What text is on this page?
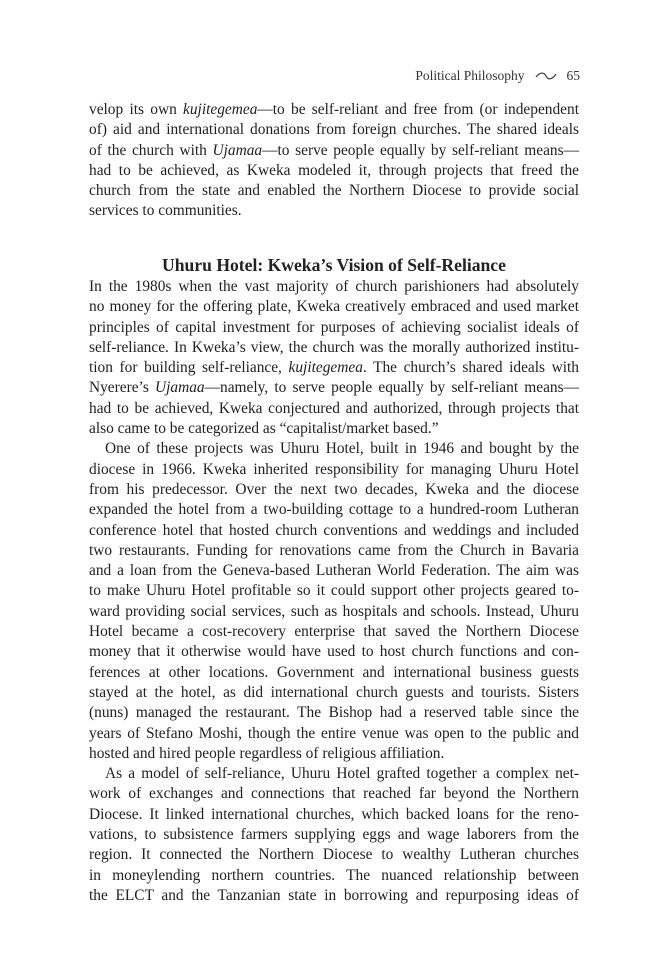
Political Philosophy	65
velop its own kujitegemea—to be self-reliant and free from (or independent
of) aid and international donations from foreign churches. The shared ideals
of the church with Ujamaa—to serve people equally by self-reliant means—
had to be achieved, as Kweka modeled it, through projects that freed the
church from the state and enabled the Northern Diocese to provide social
services to communities.
Uhuru Hotel: Kweka’s Vision of Self-Reliance
In the 1980s when the vast majority of church parishioners had absolutely
no money for the offering plate, Kweka creatively embraced and used market
principles of capital investment for purposes of achieving socialist ideals of
self-reliance. In Kweka’s view, the church was the morally authorized institu-
tion for building self-reliance, kujitegemea. The church’s shared ideals with
Nyerere’s Ujamaa—namely, to serve people equally by self-reliant means—
had to be achieved, Kweka conjectured and authorized, through projects that
also came to be categorized as “capitalist/market based.”
One of these projects was Uhuru Hotel, built in 1946 and bought by the
diocese in 1966. Kweka inherited responsibility for managing Uhuru Hotel
from his predecessor. Over the next two decades, Kweka and the diocese
expanded the hotel from a two-building cottage to a hundred-room Lutheran
conference hotel that hosted church conventions and weddings and included
two restaurants. Funding for renovations came from the Church in Bavaria
and a loan from the Geneva-based Lutheran World Federation. The aim was
to make Uhuru Hotel profitable so it could support other projects geared to-
ward providing social services, such as hospitals and schools. Instead, Uhuru
Hotel became a cost-recovery enterprise that saved the Northern Diocese
money that it otherwise would have used to host church functions and con-
ferences at other locations. Government and international business guests
stayed at the hotel, as did international church guests and tourists. Sisters
(nuns) managed the restaurant. The Bishop had a reserved table since the
years of Stefano Moshi, though the entire venue was open to the public and
hosted and hired people regardless of religious affiliation.
As a model of self-reliance, Uhuru Hotel grafted together a complex net-
work of exchanges and connections that reached far beyond the Northern
Diocese. It linked international churches, which backed loans for the reno-
vations, to subsistence farmers supplying eggs and wage laborers from the
region. It connected the Northern Diocese to wealthy Lutheran churches
in moneylending northern countries. The nuanced relationship between
the ELCT and the Tanzanian state in borrowing and repurposing ideas of
